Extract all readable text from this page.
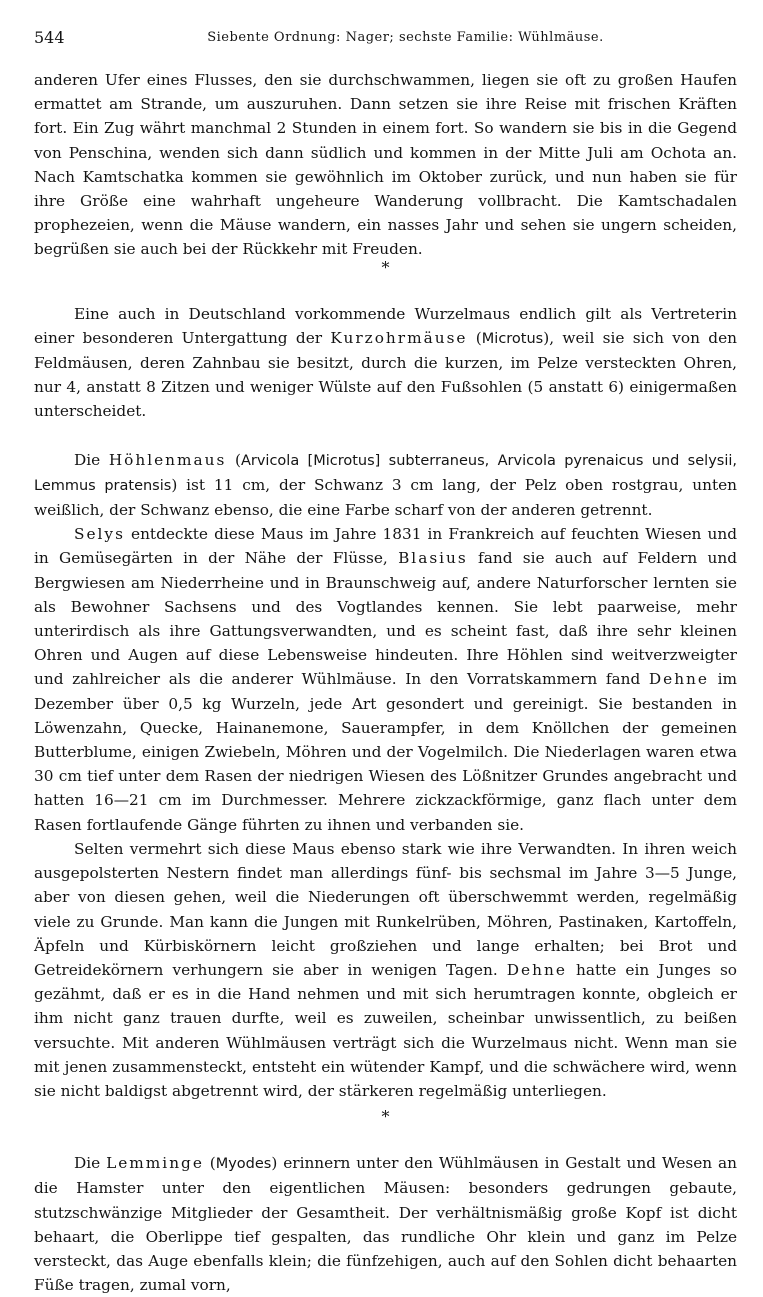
544	Siebente Ordnung: Nager; sechste Familie: Wühlmäuse.

anderen Ufer eines Flusses, den sie durchschwammen, liegen sie oft zu großen Haufen ermattet am Strande, um auszuruhen. Dann setzen sie ihre Reise mit frischen Kräften fort. Ein Zug währt manchmal 2 Stunden in einem fort. So wandern sie bis in die Gegend von Penschina, wenden sich dann südlich und kommen in der Mitte Juli am Ochota an. Nach Kamtschatka kommen sie gewöhnlich im Oktober zurück, und nun haben sie für ihre Größe eine wahrhaft ungeheure Wanderung vollbracht. Die Kamtschadalen prophezeien, wenn die Mäuse wandern, ein nasses Jahr und sehen sie ungern scheiden, begrüßen sie auch bei der Rückkehr mit Freuden.

*

Eine auch in Deutschland vorkommende Wurzelmaus endlich gilt als Vertreterin einer besonderen Untergattung der Kurzohrmäuse (Microtus), weil sie sich von den Feldmäusen, deren Zahnbau sie besitzt, durch die kurzen, im Pelze versteckten Ohren, nur 4, anstatt 8 Zitzen und weniger Wülste auf den Fußsohlen (5 anstatt 6) einigermaßen unterscheidet.

Die Höhlenmaus (Arvicola [Microtus] subterraneus, Arvicola pyrenaicus und selysii, Lemmus pratensis) ist 11 cm, der Schwanz 3 cm lang, der Pelz oben rostgrau, unten weißlich, der Schwanz ebenso, die eine Farbe scharf von der anderen getrennt.

Selys entdeckte diese Maus im Jahre 1831 in Frankreich auf feuchten Wiesen und in Gemüsegärten in der Nähe der Flüsse, Blasius fand sie auch auf Feldern und Bergwiesen am Niederrheine und in Braunschweig auf, andere Naturforscher lernten sie als Bewohner Sachsens und des Vogtlandes kennen. Sie lebt paarweise, mehr unterirdisch als ihre Gattungsverwandten, und es scheint fast, daß ihre sehr kleinen Ohren und Augen auf diese Lebensweise hindeuten. Ihre Höhlen sind weitverzweigter und zahlreicher als die anderer Wühlmäuse. In den Vorratskammern fand Dehne im Dezember über 0,5 kg Wurzeln, jede Art gesondert und gereinigt. Sie bestanden in Löwenzahn, Quecke, Hainanemone, Sauerampfer, in dem Knöllchen der gemeinen Butterblume, einigen Zwiebeln, Möhren und der Vogelmilch. Die Niederlagen waren etwa 30 cm tief unter dem Rasen der niedrigen Wiesen des Lößnitzer Grundes angebracht und hatten 16—21 cm im Durchmesser. Mehrere zickzackförmige, ganz flach unter dem Rasen fortlaufende Gänge führten zu ihnen und verbanden sie.

Selten vermehrt sich diese Maus ebenso stark wie ihre Verwandten. In ihren weich ausgepolsterten Nestern findet man allerdings fünf- bis sechsmal im Jahre 3—5 Junge, aber von diesen gehen, weil die Niederungen oft überschwemmt werden, regelmäßig viele zu Grunde. Man kann die Jungen mit Runkelrüben, Möhren, Pastinaken, Kartoffeln, Äpfeln und Kürbiskörnern leicht großziehen und lange erhalten; bei Brot und Getreidekörnern verhungern sie aber in wenigen Tagen. Dehne hatte ein Junges so gezähmt, daß er es in die Hand nehmen und mit sich herumtragen konnte, obgleich er ihm nicht ganz trauen durfte, weil es zuweilen, scheinbar unwissentlich, zu beißen versuchte. Mit anderen Wühlmäusen verträgt sich die Wurzelmaus nicht. Wenn man sie mit jenen zusammensteckt, entsteht ein wütender Kampf, und die schwächere wird, wenn sie nicht baldigst abgetrennt wird, der stärkeren regelmäßig unterliegen.

*

Die Lemminge (Myodes) erinnern unter den Wühlmäusen in Gestalt und Wesen an die Hamster unter den eigentlichen Mäusen: besonders gedrungen gebaute, stutzschwänzige Mitglieder der Gesamtheit. Der verhältnismäßig große Kopf ist dicht behaart, die Oberlippe tief gespalten, das rundliche Ohr klein und ganz im Pelze versteckt, das Auge ebenfalls klein; die fünfzehigen, auch auf den Sohlen dicht behaarten Füße tragen, zumal vorn,
